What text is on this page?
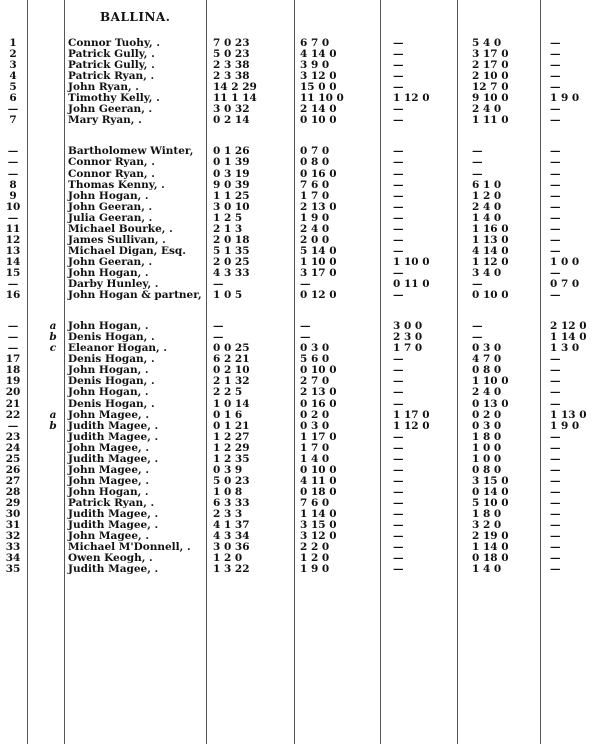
BALLINA.
1	Connor Tuohy, .	7 0 23	6 7 0	—	5 4 0	—
2	Patrick Gully, .	5 0 23	4 14 0	—	3 17 0	—
3	Patrick Gully, .	2 3 38	3 9 0	—	2 17 0	—
4	Patrick Ryan, .	2 3 38	3 12 0	—	2 10 0	—
5	John Ryan, .	14 2 29	15 0 0	—	12 7 0	—
6	Timothy Kelly, .	11 1 14	11 10 0	1 12 0	9 10 0	1 9 0
—	John Geeran, .	3 0 32	2 14 0	—	2 4 0	—
7	Mary Ryan, .	0 2 14	0 10 0	—	1 11 0	—
—	Bartholomew Winter, 0 1 26	0 7 0	—	—	—
—	Connor Ryan, .	0 1 39	0 8 0	—	—	—
—	Connor Ryan, .	0 3 19	0 16 0	—	—	—
8	Thomas Kenny, .	9 0 39	7 6 0	—	6 1 0	—
9	John Hogan, .	1 1 25	1 7 0	—	1 2 0	—
10	John Geeran, .	3 0 10	2 13 0	—	2 4 0	—
—	Julia Geeran, .	1 2 5	1 9 0	—	1 4 0	—
11	Michael Bourke, .	2 1 3	2 4 0	—	1 16 0	—
12	James Sullivan, .	2 0 18	2 0 0	—	1 13 0	—
13	Michael Digan, Esq.	5 1 35	5 14 0	—	4 14 0	—
14	John Geeran, .	2 0 25	1 10 0	1 10 0	1 12 0	1 0 0
15	John Hogan, .	4 3 33	3 17 0	—	3 4 0	—
—	Darby Hunley, .	—	—	0 11 0	—	0 7 0
16	John Hogan & partner, 1 0 5	0 12 0	—	0 10 0	—
—	a John Hogan, .	—	—	3 0 0	—	2 12 0
—	b Denis Hogan, .	—	—	2 3 0	—	1 14 0
—	c Eleanor Hogan, .	0 0 25	0 3 0	1 7 0	0 3 0	1 3 0
17	Denis Hogan, .	6 2 21	5 6 0	—	4 7 0	—
18	John Hogan, .	0 2 10	0 10 0	—	0 8 0	—
19	Denis Hogan, .	2 1 32	2 7 0	—	1 10 0	—
20	John Hogan, .	2 2 5	2 13 0	—	2 4 0	—
21	Denis Hogan, .	1 0 14	0 16 0	—	0 13 0	—
22	a John Magee, .	0 1 6	0 2 0	1 17 0	0 2 0	1 13 0
—	b Judith Magee, .	0 1 21	0 3 0	1 12 0	0 3 0	1 9 0
23	Judith Magee, .	1 2 27	1 17 0	—	1 8 0	—
24	John Magee, .	1 2 29	1 7 0	—	1 0 0	—
25	Judith Magee, .	1 2 35	1 4 0	—	1 0 0	—
26	John Magee, .	0 3 9	0 10 0	—	0 8 0	—
27	John Magee, .	5 0 23	4 11 0	—	3 15 0	—
28	John Hogan, .	1 0 8	0 18 0	—	0 14 0	—
29	Patrick Ryan, .	6 3 33	7 6 0	—	5 10 0	—
30	Judith Magee, .	2 3 3	1 14 0	—	1 8 0	—
31	Judith Magee, .	4 1 37	3 15 0	—	3 2 0	—
32	John Magee, .	4 3 34	3 12 0	—	2 19 0	—
33	Michael M'Donnell, . 3 0 36	2 2 0	—	1 14 0	—
34	Owen Keogh, .	1 2 0	1 2 0	—	0 18 0	—
35	Judith Magee, .	1 3 22	1 9 0	—	1 4 0	—
